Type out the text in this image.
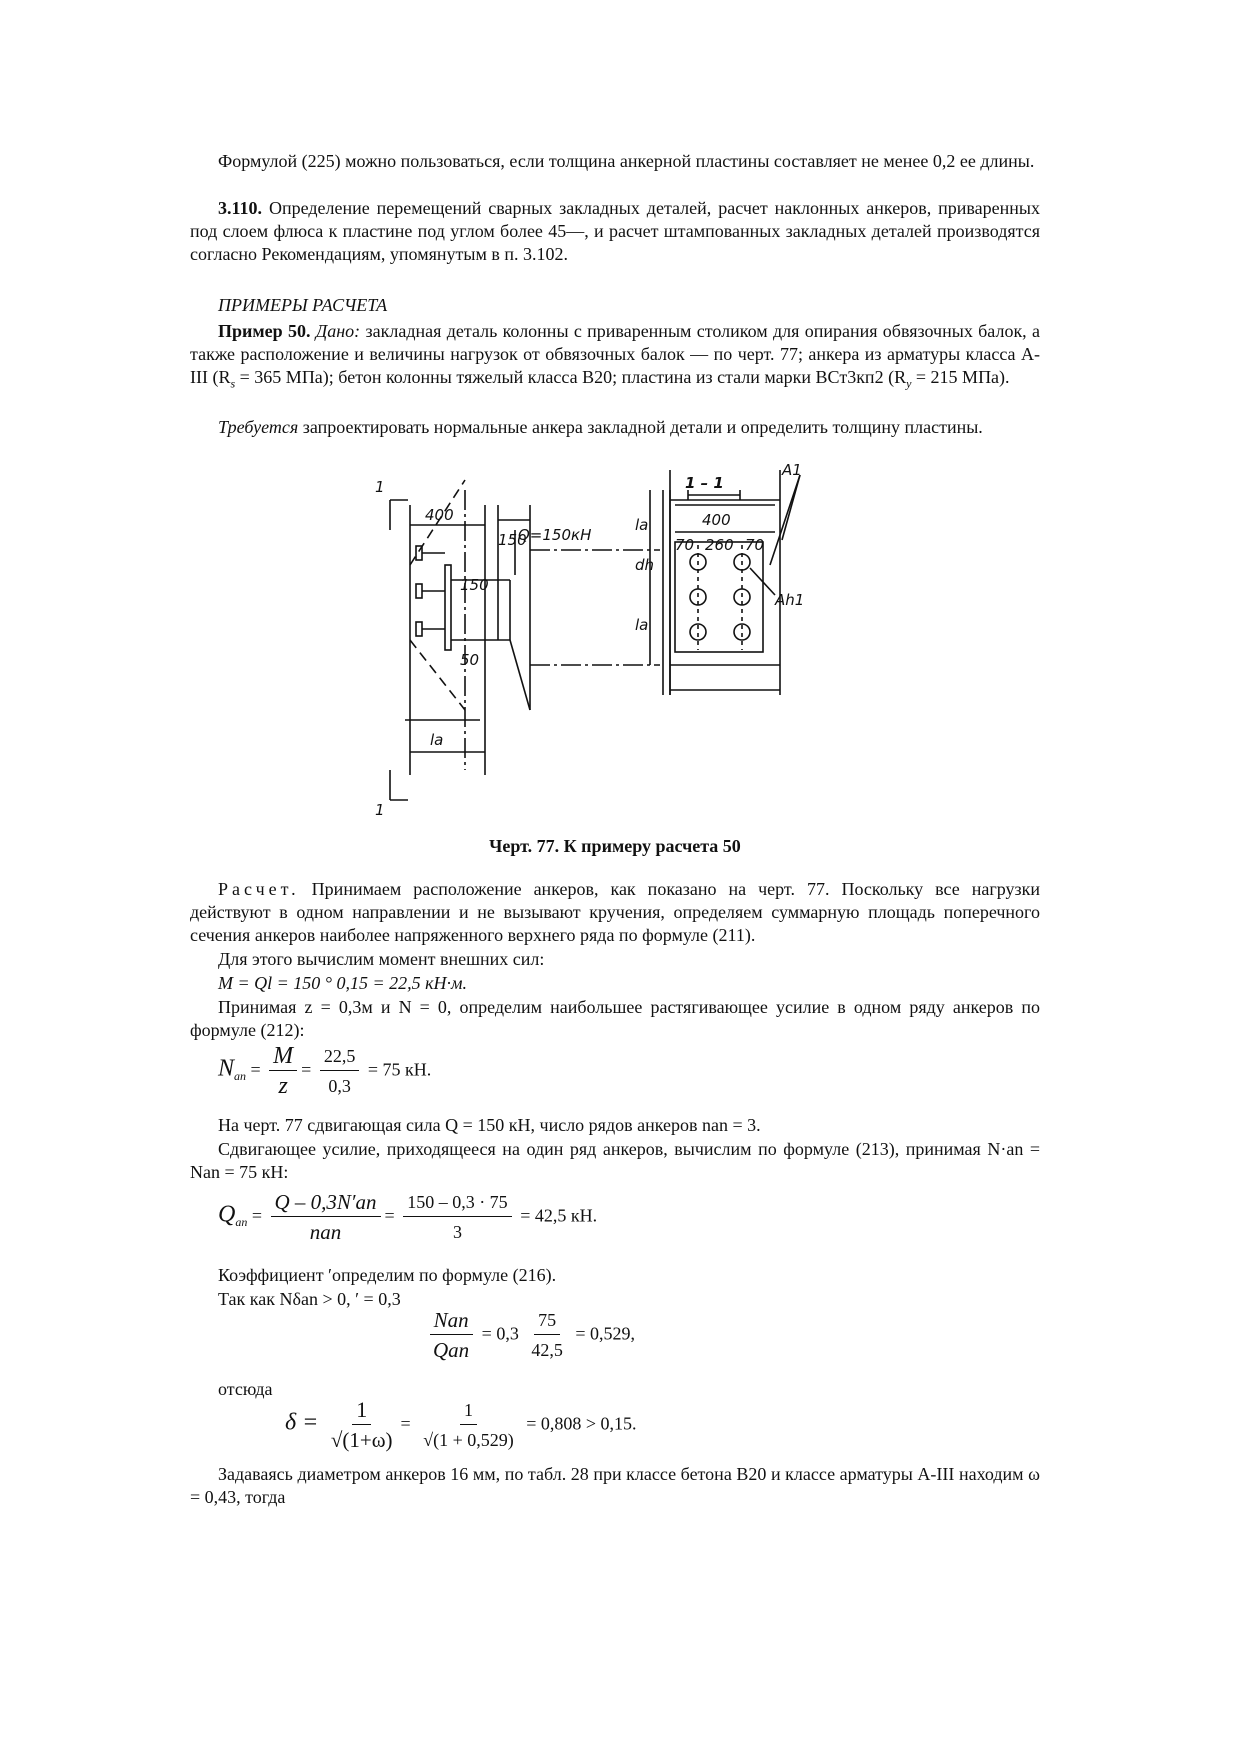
Формулой (225) можно пользоваться, если толщина анкерной пластины составляет не менее 0,2 ее длины.
3.110. Определение перемещений сварных закладных деталей, расчет наклонных анкеров, приваренных под слоем флюса к пластине под углом более 45—, и расчет штампованных закладных деталей производятся согласно Рекомендациям, упомянутым в п. 3.102.
ПРИМЕРЫ РАСЧЕТА
Пример 50. Дано: закладная деталь колонны с приваренным столиком для опирания обвязочных балок, а также расположение и величины нагрузок от обвязочных балок — по черт. 77; анкера из арматуры класса А-III ($R_s = 365$ МПа); бетон колонны тяжелый класса В20; пластина из стали марки ВСт3кп2 ($R_y = 215$ МПа).
Требуется запроектировать нормальные анкера закладной детали и определить толщину пластины.
1
1
400
150
Q=150кН
150
50
la
1 – 1
400
70 260 70
dh
la
la
A1
Ah1
Черт. 77. К примеру расчета 50
Расчет. Принимаем расположение анкеров, как показано на черт. 77. Поскольку все нагрузки действуют в одном направлении и не вызывают кручения, определяем суммарную площадь поперечного сечения анкеров наиболее напряженного верхнего ряда по формуле (211).
Для этого вычислим момент внешних сил:
M = Ql = 150 ° 0,15 = 22,5 кН·м.
Принимая z = 0,3м и N = 0, определим наибольшее растягивающее усилие в одном ряду анкеров по формуле (212):
$N_{an} = \frac{M}{z} = \frac{22,5}{0,3} = 75$ кН.
На черт. 77 сдвигающая сила Q = 150 кН, число рядов анкеров nan = 3.
Сдвигающее усилие, приходящееся на один ряд анкеров, вычислим по формуле (213), принимая N·an = Nan = 75 кН:
$Q_{an} = \frac{Q - 0,3N'an}{\text{nan}} = \frac{150 - 0,3 \cdot 75}{3} = 42,5$ кН.
Коэффициент ′определим по формуле (216).
Так как Nδan > 0, ′ = 0,3
$\frac{\text{Nan}}{\text{Qan}} = 0,3 \frac{75}{42,5} = 0,529$,
отсюда
$\delta = \frac{1}{√(1+\omega)} = \frac{1}{√(1 + 0,529)} = 0,808 > 0,15$.
Задаваясь диаметром анкеров 16 мм, по табл. 28 при классе бетона В20 и классе арматуры А-III находим ω = 0,43, тогда
